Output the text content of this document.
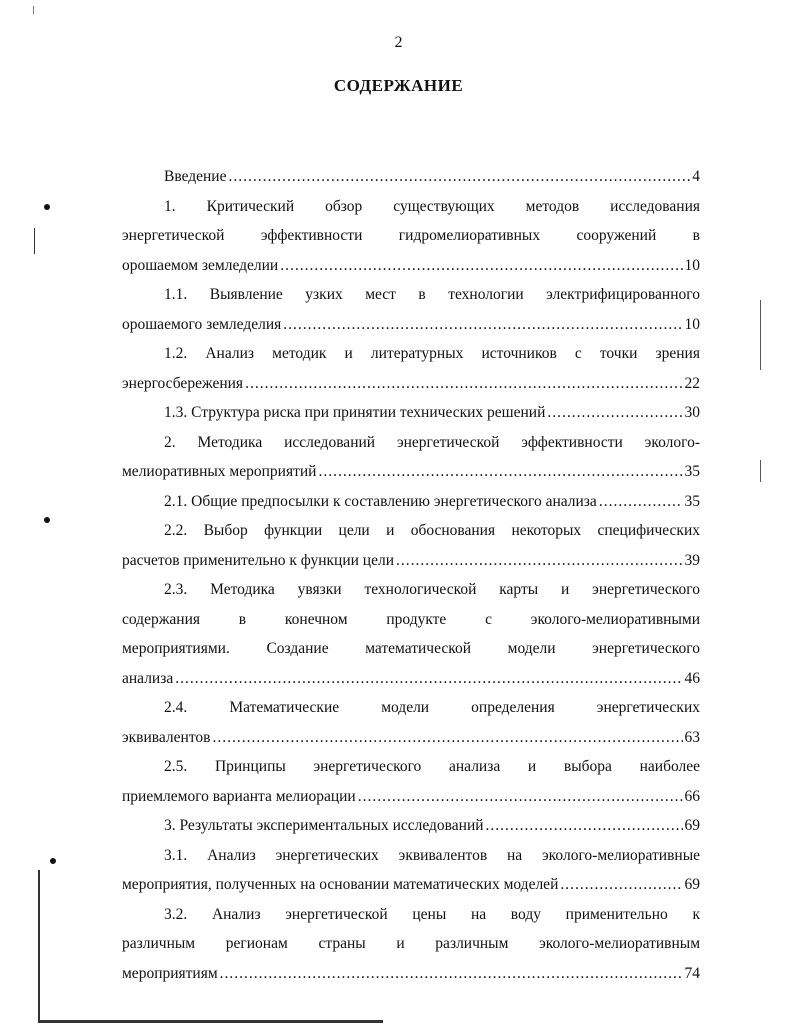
2
СОДЕРЖАНИЕ
Введение .....	4
1. Критический обзор существующих методов исследования
энергетической эффективности гидромелиоративных сооружений в
орошаемом земледелии .....	10
1.1. Выявление узких мест в технологии электрифицированного
орошаемого земледелия .....	10
1.2. Анализ методик и литературных источников с точки зрения
энергосбережения .....	22
1.3. Структура риска при принятии технических решений .....	30
2. Методика исследований энергетической эффективности эколого-
мелиоративных мероприятий .....	35
2.1. Общие предпосылки к составлению энергетического анализа .....	35
2.2. Выбор функции цели и обоснования некоторых специфических
расчетов применительно к функции цели .....	39
2.3. Методика увязки технологической карты и энергетического
содержания в конечном продукте с эколого-мелиоративными
мероприятиями. Создание математической модели энергетического
анализа .....	46
2.4. Математические модели определения энергетических
эквивалентов .....	63
2.5. Принципы энергетического анализа и выбора наиболее
приемлемого варианта мелиорации .....	66
3. Результаты экспериментальных исследований .....	69
3.1. Анализ энергетических эквивалентов на эколого-мелиоративные
мероприятия, полученных на основании математических моделей .....	69
3.2. Анализ энергетической цены на воду применительно к
различным регионам страны и различным эколого-мелиоративным
мероприятиям .....	74
